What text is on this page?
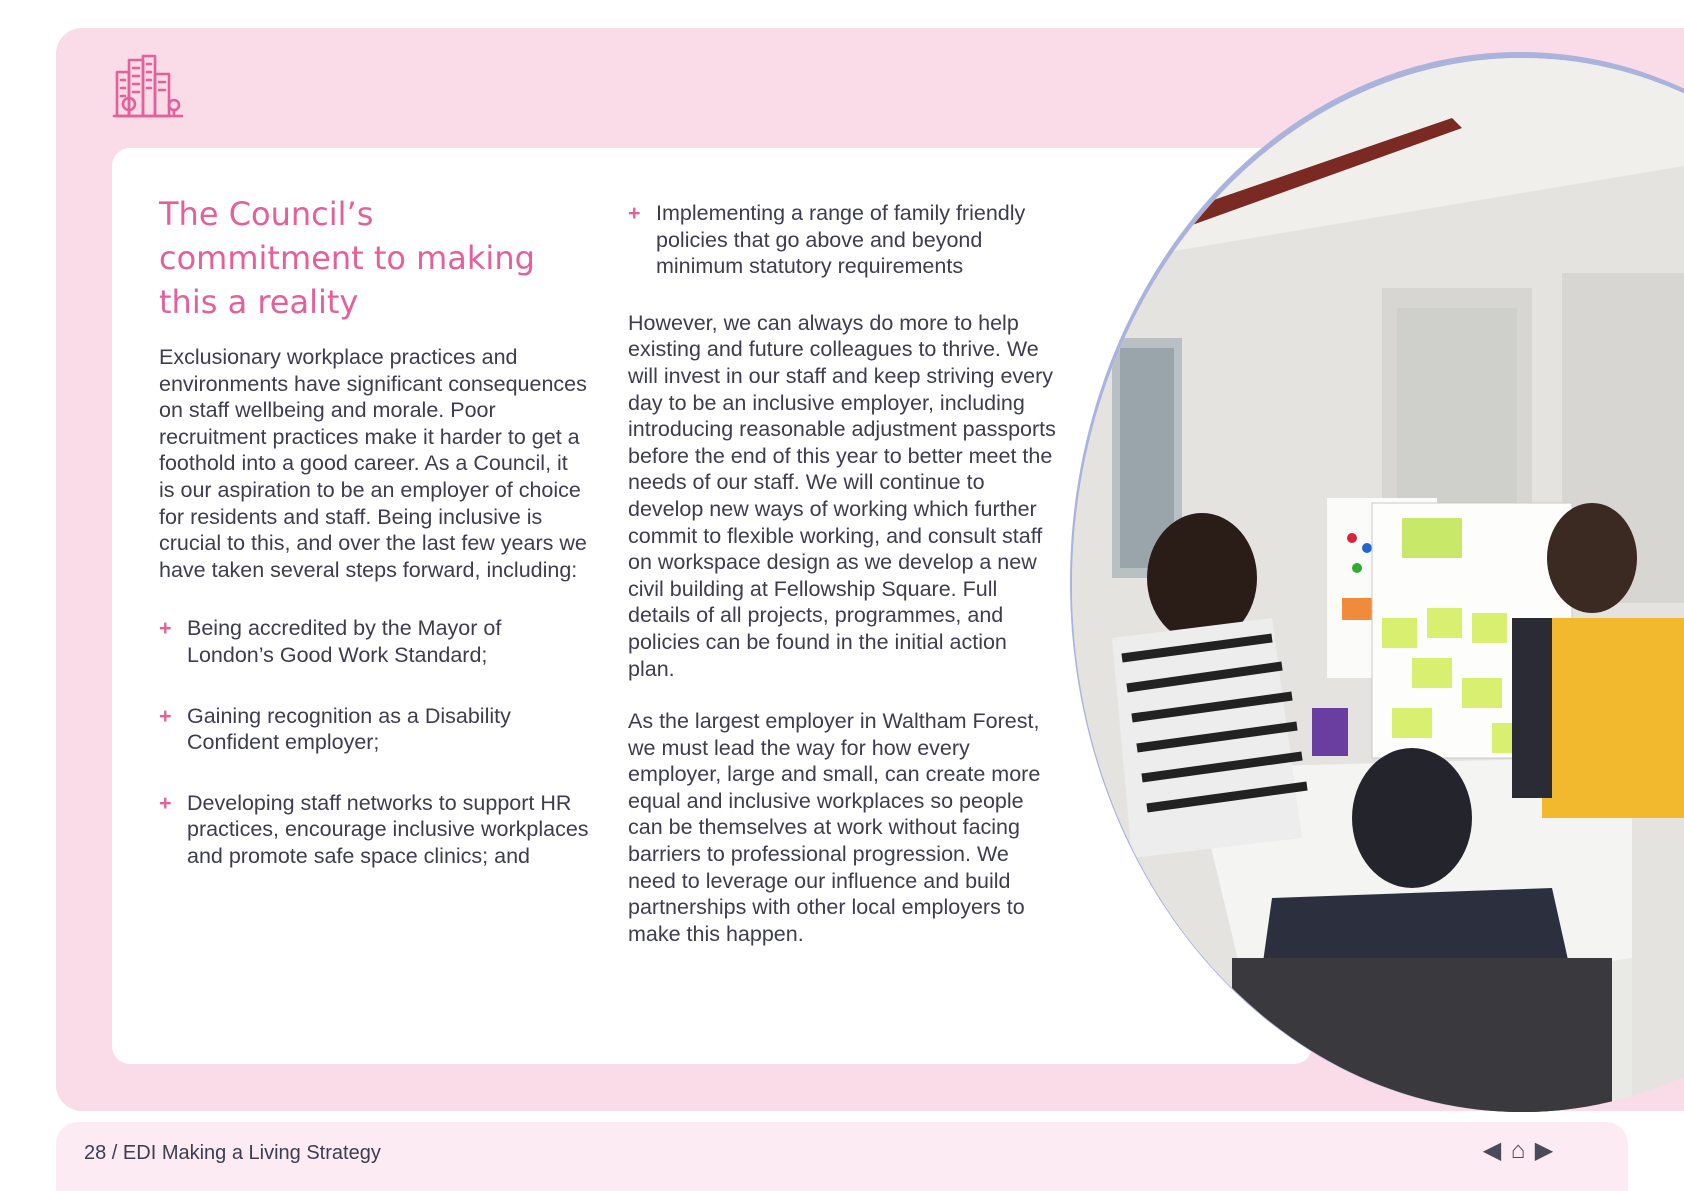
The Council’s commitment to making this a reality

Exclusionary workplace practices and environments have significant consequences on staff wellbeing and morale. Poor recruitment practices make it harder to get a foothold into a good career. As a Council, it is our aspiration to be an employer of choice for residents and staff. Being inclusive is crucial to this, and over the last few years we have taken several steps forward, including:

+ Being accredited by the Mayor of London’s Good Work Standard;
+ Gaining recognition as a Disability Confident employer;
+ Developing staff networks to support HR practices, encourage inclusive workplaces and promote safe space clinics; and
+ Implementing a range of family friendly policies that go above and beyond minimum statutory requirements

However, we can always do more to help existing and future colleagues to thrive. We will invest in our staff and keep striving every day to be an inclusive employer, including introducing reasonable adjustment passports before the end of this year to better meet the needs of our staff. We will continue to develop new ways of working which further commit to flexible working, and consult staff on workspace design as we develop a new civil building at Fellowship Square. Full details of all projects, programmes, and policies can be found in the initial action plan.

As the largest employer in Waltham Forest, we must lead the way for how every employer, large and small, can create more equal and inclusive workplaces so people can be themselves at work without facing barriers to professional progression. We need to leverage our influence and build partnerships with other local employers to make this happen.

28 / EDI Making a Living Strategy	◀ ⌂ ▶
